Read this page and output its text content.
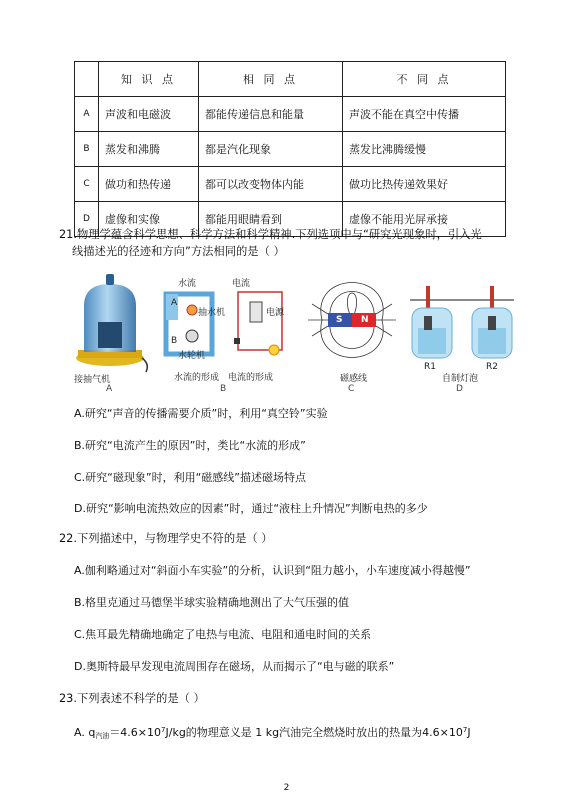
	知 识 点	相 同 点	不 同 点
A	声波和电磁波	都能传递信息和能量	声波不能在真空中传播
B	蒸发和沸腾	都是汽化现象	蒸发比沸腾缓慢
C	做功和热传递	都可以改变物体内能	做功比热传递效果好
D	虚像和实像	都能用眼睛看到	虚像不能用光屏承接
21.物理学蕴含科学思想、科学方法和科学精神.下列选项中与“研究光现象时，引入光
线描述光的径迹和方向”方法相同的是（ ）
接抽气机
A
水流	电流
A
B
抽水机
水轮机
电源
水流的形成 电流的形成
B
S N
磁感线
C
R1	R2
自制灯泡
D
A.研究“声音的传播需要介质”时，利用“真空铃”实验
B.研究“电流产生的原因”时，类比“水流的形成”
C.研究“磁现象”时，利用“磁感线”描述磁场特点
D.研究“影响电流热效应的因素”时，通过“液柱上升情况”判断电热的多少
22.下列描述中，与物理学史不符的是（ ）
A.伽利略通过对“斜面小车实验”的分析，认识到“阻力越小，小车速度减小得越慢”
B.格里克通过马德堡半球实验精确地测出了大气压强的值
C.焦耳最先精确地确定了电热与电流、电阻和通电时间的关系
D.奥斯特最早发现电流周围存在磁场，从而揭示了“电与磁的联系”
23.下列表述不科学的是（ ）
A. $q_{汽油}=4.6\times 10^7J/kg$的物理意义是 1 kg汽油完全燃烧时放出的热量为$4.6\times 10^7J$
2
